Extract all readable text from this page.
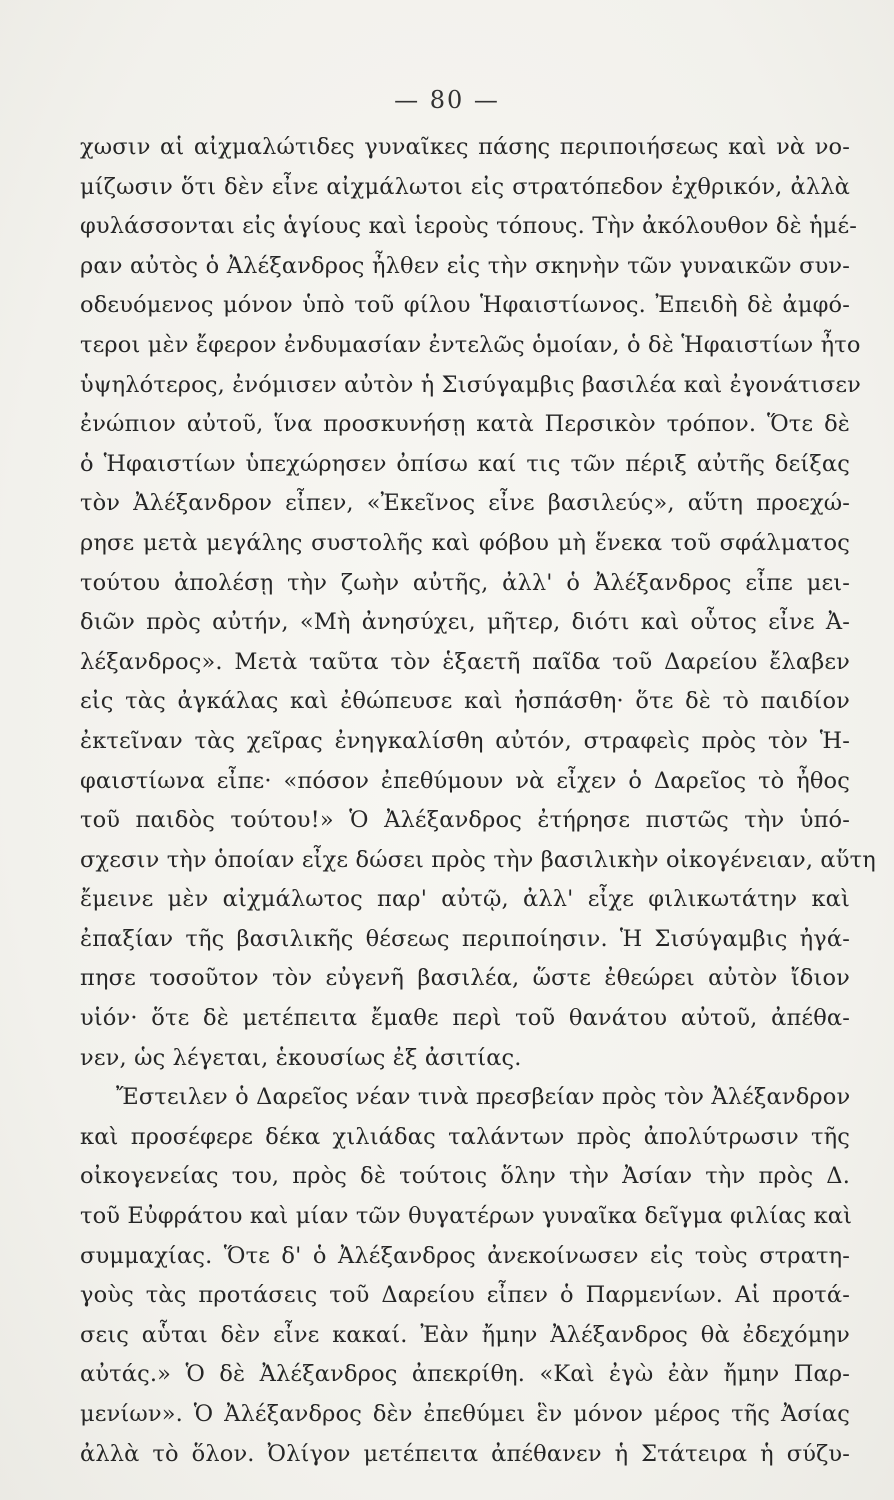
— 80 —
χωσιν αἱ αἰχμαλώτιδες γυναῖκες πάσης περιποιήσεως καὶ νὰ νο-
μίζωσιν ὅτι δὲν εἶνε αἰχμάλωτοι εἰς στρατόπεδον ἐχθρικόν, ἀλλὰ
φυλάσσονται εἰς ἁγίους καὶ ἱεροὺς τόπους. Τὴν ἀκόλουθον δὲ ἡμέ-
ραν αὐτὸς ὁ Ἀλέξανδρος ἦλθεν εἰς τὴν σκηνὴν τῶν γυναικῶν συν-
οδευόμενος μόνον ὑπὸ τοῦ φίλου Ἡφαιστίωνος. Ἐπειδὴ δὲ ἀμφό-
τεροι μὲν ἔφερον ἐνδυμασίαν ἐντελῶς ὁμοίαν, ὁ δὲ Ἡφαιστίων ἦτο
ὑψηλότερος, ἐνόμισεν αὐτὸν ἡ Σισύγαμβις βασιλέα καὶ ἐγονάτισεν
ἐνώπιον αὐτοῦ, ἵνα προσκυνήσῃ κατὰ Περσικὸν τρόπον. Ὅτε δὲ
ὁ Ἡφαιστίων ὑπεχώρησεν ὀπίσω καί τις τῶν πέριξ αὐτῆς δείξας
τὸν Ἀλέξανδρον εἶπεν, «Ἐκεῖνος εἶνε βασιλεύς», αὕτη προεχώ-
ρησε μετὰ μεγάλης συστολῆς καὶ φόβου μὴ ἕνεκα τοῦ σφάλματος
τούτου ἀπολέσῃ τὴν ζωὴν αὐτῆς, ἀλλ' ὁ Ἀλέξανδρος εἶπε μει-
διῶν πρὸς αὐτήν, «Μὴ ἀνησύχει, μῆτερ, διότι καὶ οὗτος εἶνε Ἀ-
λέξανδρος». Μετὰ ταῦτα τὸν ἑξαετῆ παῖδα τοῦ Δαρείου ἔλαβεν
εἰς τὰς ἀγκάλας καὶ ἐθώπευσε καὶ ἠσπάσθη· ὅτε δὲ τὸ παιδίον
ἐκτεῖναν τὰς χεῖρας ἐνηγκαλίσθη αὐτόν, στραφεὶς πρὸς τὸν Ἡ-
φαιστίωνα εἶπε· «πόσον ἐπεθύμουν νὰ εἶχεν ὁ Δαρεῖος τὸ ἦθος
τοῦ παιδὸς τούτου!» Ὁ Ἀλέξανδρος ἐτήρησε πιστῶς τὴν ὑπό-
σχεσιν τὴν ὁποίαν εἶχε δώσει πρὸς τὴν βασιλικὴν οἰκογένειαν, αὕτη
ἔμεινε μὲν αἰχμάλωτος παρ' αὐτῷ, ἀλλ' εἶχε φιλικωτάτην καὶ
ἐπαξίαν τῆς βασιλικῆς θέσεως περιποίησιν. Ἡ Σισύγαμβις ἠγά-
πησε τοσοῦτον τὸν εὐγενῆ βασιλέα, ὥστε ἐθεώρει αὐτὸν ἴδιον
υἱόν· ὅτε δὲ μετέπειτα ἔμαθε περὶ τοῦ θανάτου αὐτοῦ, ἀπέθα-
νεν, ὡς λέγεται, ἑκουσίως ἐξ ἀσιτίας.
Ἔστειλεν ὁ Δαρεῖος νέαν τινὰ πρεσβείαν πρὸς τὸν Ἀλέξανδρον
καὶ προσέφερε δέκα χιλιάδας ταλάντων πρὸς ἀπολύτρωσιν τῆς
οἰκογενείας του, πρὸς δὲ τούτοις ὅλην τὴν Ἀσίαν τὴν πρὸς Δ.
τοῦ Εὐφράτου καὶ μίαν τῶν θυγατέρων γυναῖκα δεῖγμα φιλίας καὶ
συμμαχίας. Ὅτε δ' ὁ Ἀλέξανδρος ἀνεκοίνωσεν εἰς τοὺς στρατη-
γοὺς τὰς προτάσεις τοῦ Δαρείου εἶπεν ὁ Παρμενίων. Αἱ προτά-
σεις αὗται δὲν εἶνε κακαί. Ἐὰν ἤμην Ἀλέξανδρος θὰ ἐδεχόμην
αὐτάς.» Ὁ δὲ Ἀλέξανδρος ἀπεκρίθη. «Καὶ ἐγὼ ἐὰν ἤμην Παρ-
μενίων». Ὁ Ἀλέξανδρος δὲν ἐπεθύμει ἓν μόνον μέρος τῆς Ἀσίας
ἀλλὰ τὸ ὅλον. Ὀλίγον μετέπειτα ἀπέθανεν ἡ Στάτειρα ἡ σύζυ-
